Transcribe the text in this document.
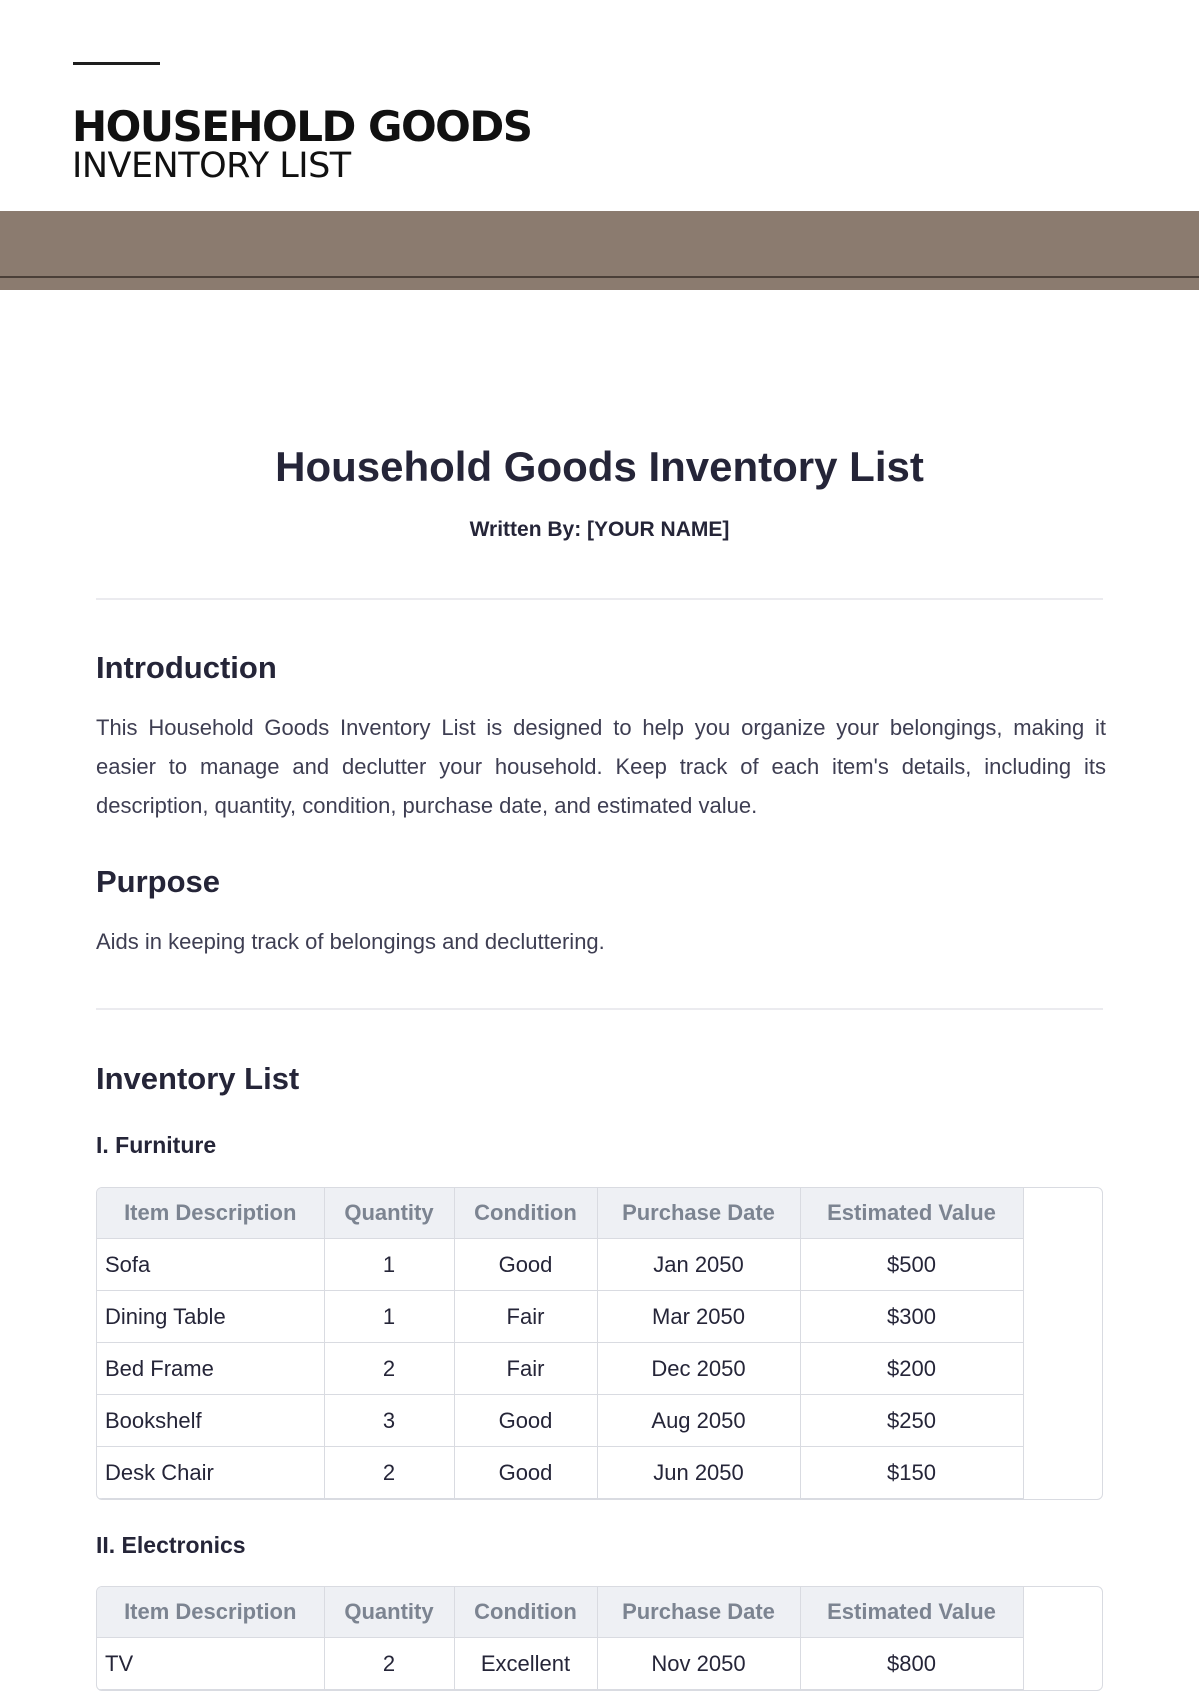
HOUSEHOLD GOODS
INVENTORY LIST
Household Goods Inventory List
Written By: [YOUR NAME]
Introduction

This Household Goods Inventory List is designed to help you organize your belongings, making it easier to manage and declutter your household. Keep track of each item's details, including its description, quantity, condition, purchase date, and estimated value.

Purpose

Aids in keeping track of belongings and decluttering.

Inventory List
I. Furniture
Item Description	Quantity	Condition	Purchase Date	Estimated Value
Sofa	1	Good	Jan 2050	$500
Dining Table	1	Fair	Mar 2050	$300
Bed Frame	2	Fair	Dec 2050	$200
Bookshelf	3	Good	Aug 2050	$250
Desk Chair	2	Good	Jun 2050	$150
II. Electronics
Item Description	Quantity	Condition	Purchase Date	Estimated Value
TV	2	Excellent	Nov 2050	$800
